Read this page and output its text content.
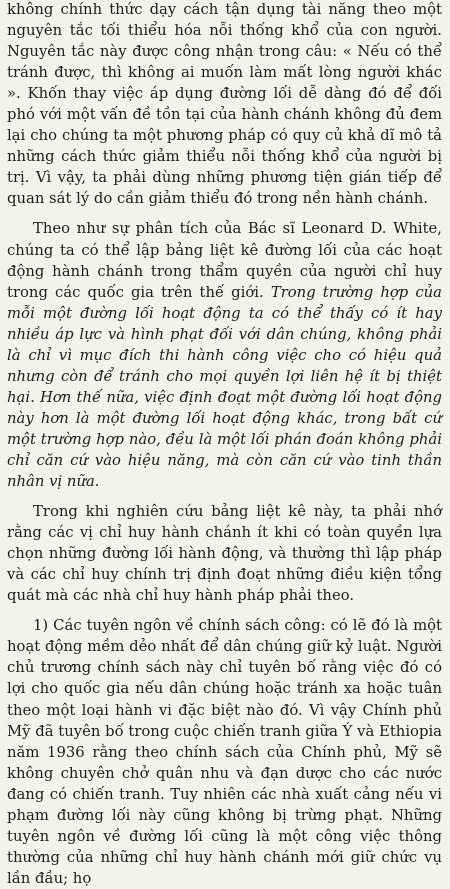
không chính thức dạy cách tận dụng tài năng theo một nguyên tắc tối thiểu hóa nỗi thống khổ của con người. Nguyên tắc này được công nhận trong câu: « Nếu có thể tránh được, thì không ai muốn làm mất lòng người khác ». Khốn thay việc áp dụng đường lối dễ dàng đó để đối phó với một vấn đề tồn tại của hành chánh không đủ đem lại cho chúng ta một phương pháp có quy củ khả dĩ mô tả những cách thức giảm thiểu nỗi thống khổ của người bị trị. Vì vậy, ta phải dùng những phương tiện gián tiếp để quan sát lý do cần giảm thiểu đó trong nền hành chánh.

Theo như sự phân tích của Bác sĩ Leonard D. White, chúng ta có thể lập bảng liệt kê đường lối của các hoạt động hành chánh trong thẩm quyền của người chỉ huy trong các quốc gia trên thế giới. Trong trường hợp của mỗi một đường lối hoạt động ta có thể thấy có ít hay nhiều áp lực và hình phạt đối với dân chúng, không phải là chỉ vì mục đích thi hành công việc cho có hiệu quả nhưng còn để tránh cho mọi quyền lợi liên hệ ít bị thiệt hại. Hơn thế nữa, việc định đoạt một đường lối hoạt động này hơn là một đường lối hoạt động khác, trong bất cứ một trường hợp nào, đều là một lối phán đoán không phải chỉ căn cứ vào hiệu năng, mà còn căn cứ vào tinh thần nhân vị nữa.

Trong khi nghiên cứu bảng liệt kê này, ta phải nhớ rằng các vị chỉ huy hành chánh ít khi có toàn quyền lựa chọn những đường lối hành động, và thường thì lập pháp và các chỉ huy chính trị định đoạt những điều kiện tổng quát mà các nhà chỉ huy hành pháp phải theo.

1) Các tuyên ngôn về chính sách công: có lẽ đó là một hoạt động mềm dẻo nhất để dân chúng giữ kỷ luật. Người chủ trương chính sách này chỉ tuyên bố rằng việc đó có lợi cho quốc gia nếu dân chúng hoặc tránh xa hoặc tuân theo một loại hành vi đặc biệt nào đó. Vì vậy Chính phủ Mỹ đã tuyên bố trong cuộc chiến tranh giữa Ý và Ethiopia năm 1936 rằng theo chính sách của Chính phủ, Mỹ sẽ không chuyên chở quân nhu và đạn dược cho các nước đang có chiến tranh. Tuy nhiên các nhà xuất cảng nếu vi phạm đường lối này cũng không bị trừng phạt. Những tuyên ngôn về đường lối cũng là một công việc thông thường của những chỉ huy hành chánh mới giữ chức vụ lần đầu; họ
